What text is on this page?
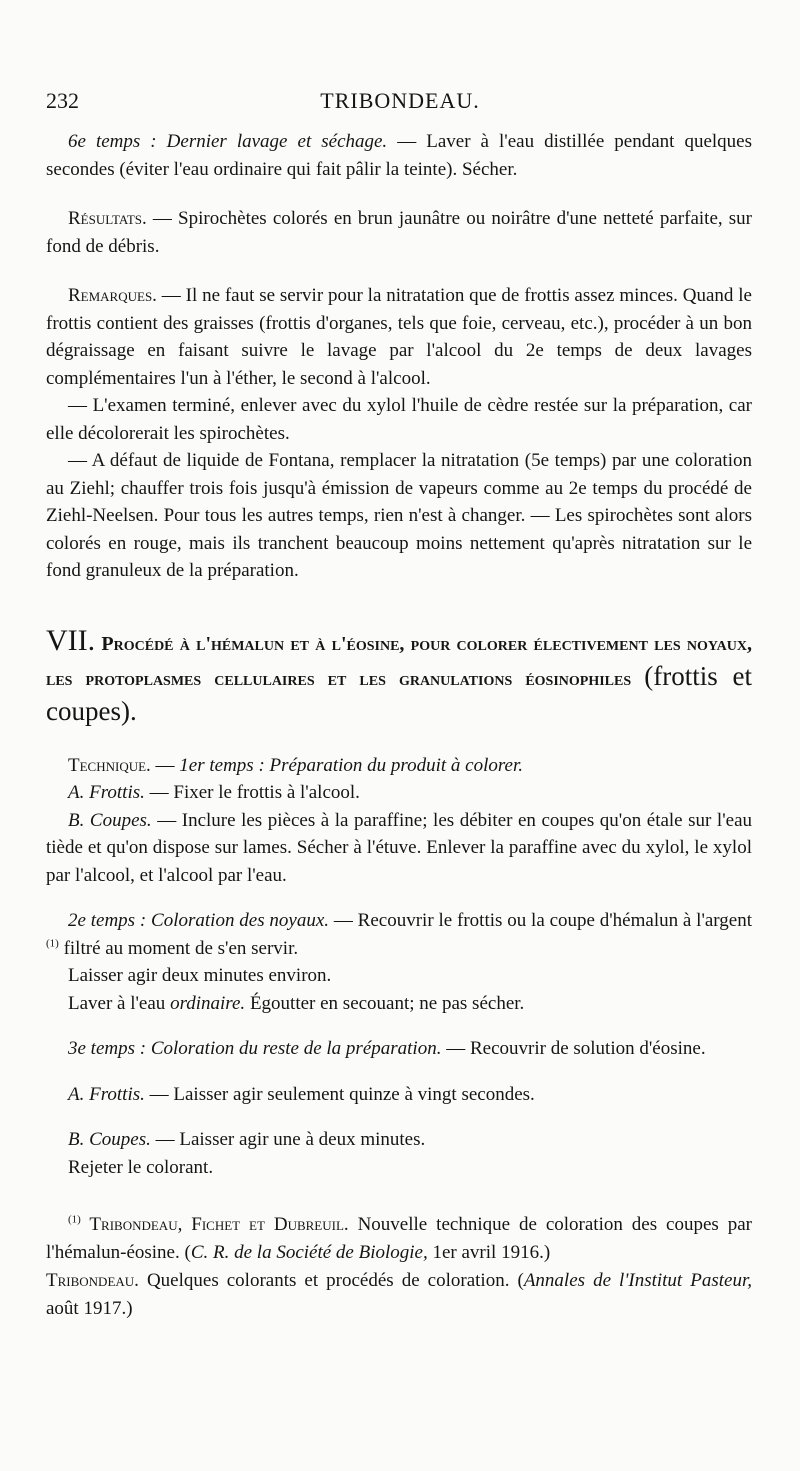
232	TRIBONDEAU.

6e temps : Dernier lavage et séchage. — Laver à l'eau distillée pendant quelques secondes (éviter l'eau ordinaire qui fait pâlir la teinte). Sécher.

Résultats. — Spirochètes colorés en brun jaunâtre ou noirâtre d'une netteté parfaite, sur fond de débris.

Remarques. — Il ne faut se servir pour la nitratation que de frottis assez minces. Quand le frottis contient des graisses (frottis d'organes, tels que foie, cerveau, etc.), procéder à un bon dégraissage en faisant suivre le lavage par l'alcool du 2e temps de deux lavages complémentaires l'un à l'éther, le second à l'alcool.

— L'examen terminé, enlever avec du xylol l'huile de cèdre restée sur la préparation, car elle décolorerait les spirochètes.

— A défaut de liquide de Fontana, remplacer la nitratation (5e temps) par une coloration au Ziehl; chauffer trois fois jusqu'à émission de vapeurs comme au 2e temps du procédé de Ziehl-Neelsen. Pour tous les autres temps, rien n'est à changer. — Les spirochètes sont alors colorés en rouge, mais ils tranchent beaucoup moins nettement qu'après nitratation sur le fond granuleux de la préparation.

VII. Procédé à l'hémalun et à l'éosine, pour colorer électivement les noyaux, les protoplasmes cellulaires et les granulations éosinophiles (frottis et coupes).

Technique. — 1er temps : Préparation du produit à colorer.

A. Frottis. — Fixer le frottis à l'alcool.

B. Coupes. — Inclure les pièces à la paraffine; les débiter en coupes qu'on étale sur l'eau tiède et qu'on dispose sur lames. Sécher à l'étuve. Enlever la paraffine avec du xylol, le xylol par l'alcool, et l'alcool par l'eau.

2e temps : Coloration des noyaux. — Recouvrir le frottis ou la coupe d'hémalun à l'argent $^{(1)}$ filtré au moment de s'en servir.

Laisser agir deux minutes environ.

Laver à l'eau ordinaire. Égoutter en secouant; ne pas sécher.

3e temps : Coloration du reste de la préparation. — Recouvrir de solution d'éosine.

A. Frottis. — Laisser agir seulement quinze à vingt secondes.

B. Coupes. — Laisser agir une à deux minutes.

Rejeter le colorant.

$^{(1)}$ Tribondeau, Fichet et Dubreuil. Nouvelle technique de coloration des coupes par l'hémalun-éosine. (C. R. de la Société de Biologie, 1er avril 1916.)
Tribondeau. Quelques colorants et procédés de coloration. (Annales de l'Institut Pasteur, août 1917.)
